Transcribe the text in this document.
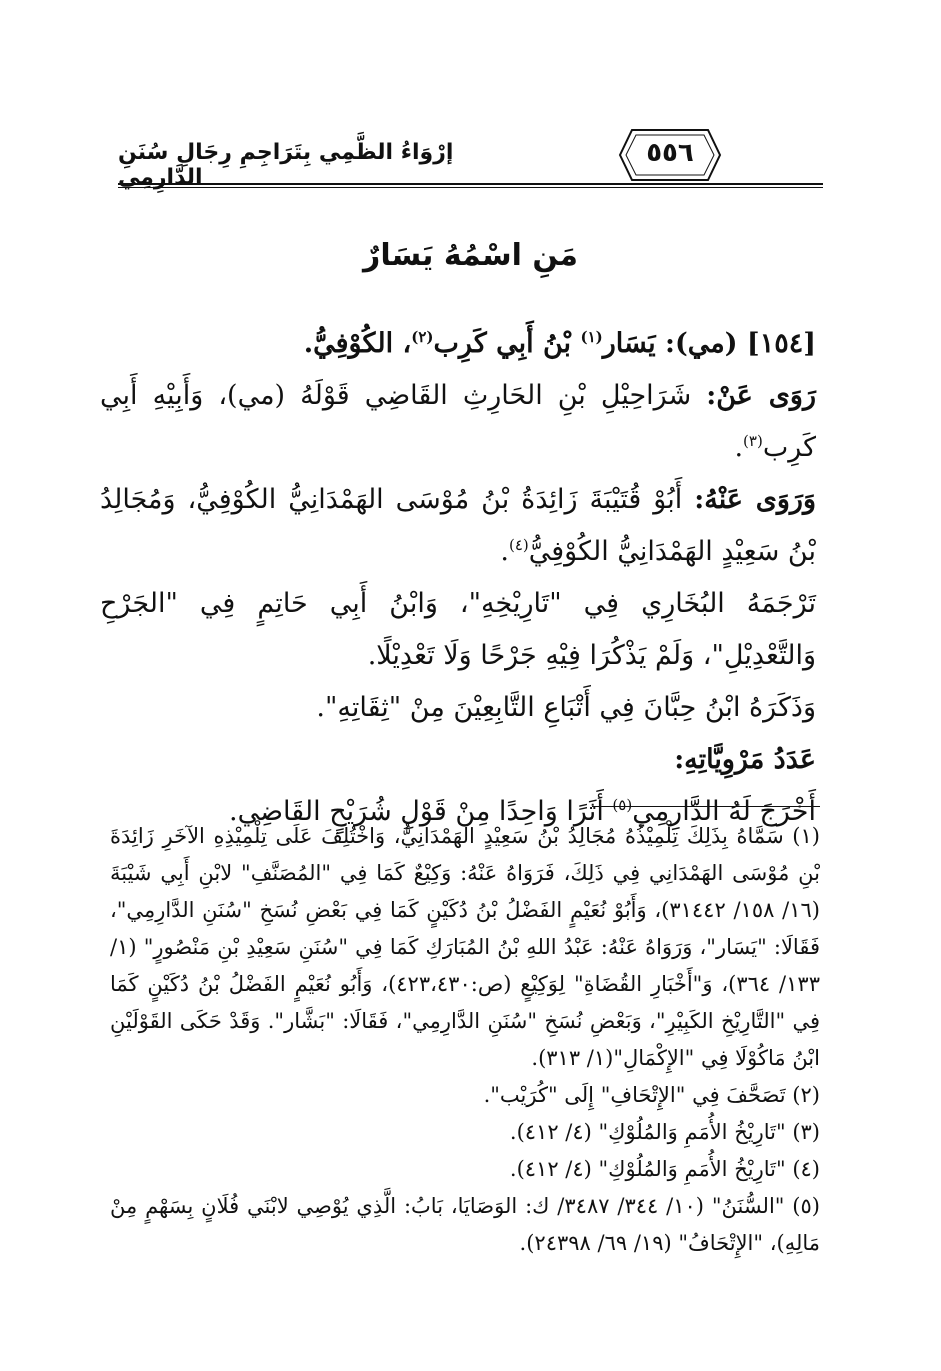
إرْوَاءُ الظَّمِي بِتَرَاجِمِ رِجَالِ سُنَنِ الدَّارِمِي
٥٥٦
مَنِ اسْمُهُ يَسَارٌ

[١٥٤] (مي): يَسَار$^{(١)}$ بْنُ أَبِي كَرِب$^{(٢)}$، الكُوْفِيُّ.

رَوَى عَنْ: شَرَاحِيْلِ بْنِ الحَارِثِ القَاضِي قَوْلَهُ (مي)، وَأَبِيْهِ أَبِي كَرِب$^{(٣)}$.

وَرَوَى عَنْهُ: أَبُوْ قُتَيْبَةَ زَائِدَةُ بْنُ مُوْسَى الهَمْدَانِيُّ الكُوْفِيُّ، وَمُجَالِدُ بْنُ سَعِيْدٍ الهَمْدَانِيُّ الكُوْفِيُّ$^{(٤)}$.

تَرْجَمَهُ البُخَارِي فِي "تَارِيْخِهِ"، وَابْنُ أَبِي حَاتِمٍ فِي "الجَرْحِ وَالتَّعْدِيْلِ"، وَلَمْ يَذْكُرَا فِيْهِ جَرْحًا وَلَا تَعْدِيْلًا.

وَذَكَرَهُ ابْنُ حِبَّانَ فِي أَتْبَاعِ التَّابِعِيْنَ مِنْ "ثِقَاتِهِ".

عَدَدُ مَرْوِيَّاتِهِ:

أَخْرَجَ لَهُ الدَّارِمِي$^{(٥)}$ أَثَرًا وَاحِدًا مِنْ قَوْلِ شُرَيْحٍ القَاضِي.

(١) سَمَّاهُ بِذَلِكَ تِلْمِيْذُهُ مُجَالِدُ بْنُ سَعِيْدٍ الهَمْدَانِيُّ، وَاخْتُلِفَ عَلَى تِلْمِيْذِهِ الآخَرِ زَائِدَةَ بْنِ مُوْسَى الهَمْدَانِي فِي ذَلِكَ، فَرَوَاهُ عَنْهُ: وَكِيْعٌ كَمَا فِي "المُصَنَّفِ" لابْنِ أَبِي شَيْبَةَ (١٦/ ١٥٨/ ٣١٤٤٢)، وَأَبُوْ نُعَيْمٍ الفَضْلُ بْنُ دُكَيْنٍ كَمَا فِي بَعْضِ نُسَخِ "سُنَنِ الدَّارِمِي"، فَقَالَا: "يَسَار"، وَرَوَاهُ عَنْهُ: عَبْدُ اللهِ بْنُ المُبَارَكِ كَمَا فِي "سُنَنِ سَعِيْدِ بْنِ مَنْصُورٍ" (١/ ١٣٣/ ٣٦٤)، وَ"أَخْبَارِ القُضَاةِ" لِوَكِيْعٍ (ص:٤٢٣،٤٣٠)، وَأَبُو نُعَيْمٍ الفَضْلُ بْنُ دُكَيْنٍ كَمَا فِي "التَّارِيْخِ الكَبِيْرِ"، وَبَعْضِ نُسَخِ "سُنَنِ الدَّارِمِي"، فَقَالَا: "بَشَّار". وَقَدْ حَكَى القَوْلَيْنِ ابْنُ مَاكُوْلَا فِي "الإِكْمَالِ"(١/ ٣١٣).

(٢) تَصَحَّفَ فِي "الإِتْحَافِ" إِلَى "كُرَيْب".

(٣) "تَارِيْخُ الأُمَمِ وَالمُلُوْكِ" (٤/ ٤١٢).

(٤) "تَارِيْخُ الأُمَمِ وَالمُلُوْكِ" (٤/ ٤١٢).

(٥) "السُّنَنُ" (١٠/ ٣٤٤/ ٣٤٨٧/ ك: الوَصَايَا، بَابُ: الَّذِي يُوْصِي لابْنَي فُلَانٍ بِسَهْمٍ مِنْ مَالِهِ)، "الإِتْحَافُ" (١٩/ ٦٩/ ٢٤٣٩٨).
